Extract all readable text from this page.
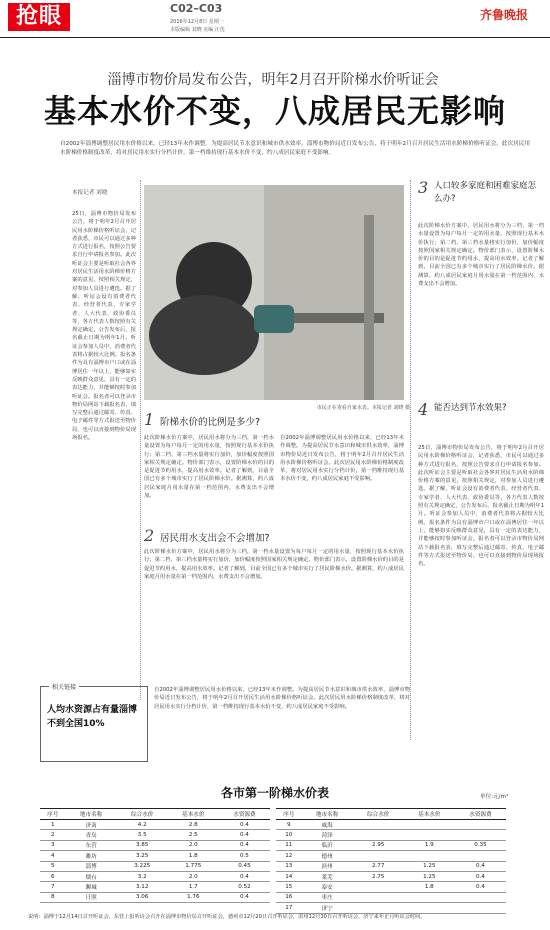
抢眼	C02–C03
2016年12月8日 星期一
本版编辑 刘晓 美编 汪莲
齐鲁晚报
淄博市物价局发布公告，明年2月召开阶梯水价听证会
基本水价不变，八成居民无影响
自2002年淄博调整居民用水价格以来，已经13年未作调整。为提高居民节水意识和城市供水效率，淄博市物价局近日发布公告，将于明年2月召开居民生活用水阶梯价格听证会。此次居民用水阶梯价格制度改革，将对居民用水实行分档计价，第一档维持现行基本水价不变，约八成居民家庭不受影响。
本报记者 刘晓
25日，淄博市物价局发布公告，将于明年2月召开居民用水阶梯价格听证会，记者获悉，市民可以通过多种方式进行报名，按照公告要求自行申请报名参加。此次听证会主要是听取社会各界对居民生活用水阶梯价格方案的意见，按照相关规定，对参加人员进行遴选。据了解，听证会设有消费者代表、经营者代表、专家学者、人大代表、政协委员等，各方代表人数按照有关规定确定。公告发布后，报名截止日期为明年1月。听证会参加人员中，消费者代表将占据较大比例。报名条件为具有淄博市户口或在淄博居住一年以上，能够如实反映群众意见，具有一定的表达能力，并能够按时参加听证会。报名者可以登录市物价局网站下载报名表，填写完整后通过邮寄、传真、电子邮件等方式报送至物价局，也可以直接到物价局现场报名。
市民正在查看自家水表。本报记者 刘晓 摄
1 阶梯水价的比例是多少?
此次阶梯水价方案中，居民用水将分为三档，第一档水量设置为每户每月一定的用水量，按照现行基本水价执行；第二档、第三档水量将实行加价，加价幅度按照国家相关规定确定。物价部门表示，设置阶梯水价的目的是促进节约用水，提高用水效率。记者了解到，目前全国已有多个城市实行了居民阶梯水价。据测算，约八成居民家庭月用水量在第一档范围内，水费支出不会增加。
自2002年淄博调整居民用水价格以来，已经13年未作调整。为提高居民节水意识和城市供水效率，淄博市物价局近日发布公告，将于明年2月召开居民生活用水阶梯价格听证会。此次居民用水阶梯价格制度改革，将对居民用水实行分档计价，第一档维持现行基本水价不变，约八成居民家庭不受影响。
2 居民用水支出会不会增加?
此次阶梯水价方案中，居民用水将分为三档，第一档水量设置为每户每月一定的用水量，按照现行基本水价执行；第二档、第三档水量将实行加价，加价幅度按照国家相关规定确定。物价部门表示，设置阶梯水价的目的是促进节约用水，提高用水效率。记者了解到，目前全国已有多个城市实行了居民阶梯水价。据测算，约八成居民家庭月用水量在第一档范围内，水费支出不会增加。
3 人口较多家庭和困难家庭怎么办?
此次阶梯水价方案中，居民用水将分为三档，第一档水量设置为每户每月一定的用水量，按照现行基本水价执行；第二档、第三档水量将实行加价，加价幅度按照国家相关规定确定。物价部门表示，设置阶梯水价的目的是促进节约用水，提高用水效率。记者了解到，目前全国已有多个城市实行了居民阶梯水价。据测算，约八成居民家庭月用水量在第一档范围内，水费支出不会增加。
4 能否达到节水效果?
25日，淄博市物价局发布公告，将于明年2月召开居民用水阶梯价格听证会，记者获悉，市民可以通过多种方式进行报名，按照公告要求自行申请报名参加。此次听证会主要是听取社会各界对居民生活用水阶梯价格方案的意见，按照相关规定，对参加人员进行遴选。据了解，听证会设有消费者代表、经营者代表、专家学者、人大代表、政协委员等，各方代表人数按照有关规定确定。公告发布后，报名截止日期为明年1月。听证会参加人员中，消费者代表将占据较大比例。报名条件为具有淄博市户口或在淄博居住一年以上，能够如实反映群众意见，具有一定的表达能力，并能够按时参加听证会。报名者可以登录市物价局网站下载报名表，填写完整后通过邮寄、传真、电子邮件等方式报送至物价局，也可以直接到物价局现场报名。
相关链接
人均水资源占有量淄博不到全国10%
自2002年淄博调整居民用水价格以来，已经13年未作调整。为提高居民节水意识和城市供水效率，淄博市物价局近日发布公告，将于明年2月召开居民生活用水阶梯价格听证会。此次居民用水阶梯价格制度改革，将对居民用水实行分档计价，第一档维持现行基本水价不变，约八成居民家庭不受影响。
各市第一阶梯水价表	单位:元/m³
序号	地市名称	综合水价	基本水价	水资源费
1	济南	4.2	2.8	0.4
2	青岛	3.5	2.5	0.4
3	东营	3.85	2.0	0.4
4	潍坊	3.25	1.8	0.5
5	淄博	3.225	1.775	0.45
6	烟台	3.2	2.0	0.4
7	聊城	3.12	1.7	0.52
8	日照	3.06	1.76	0.4
序号	地市名称	综合水价	基本水价	水资源费
9	威海			
10	菏泽			
11	临沂	2.95	1.9	0.35
12	德州			
13	滨州	2.77	1.25	0.4
14	莱芜	2.75	1.25	0.4
15	泰安		1.8	0.4
16	枣庄			
17	济宁			
说明：淄博于12月14日召开听证会，东营上报听证会召开在淄博市物价局召开听证会，德州市12月20日召开听证会，滨州12月30日召开听证会，济宁来年正月听证会时间。
